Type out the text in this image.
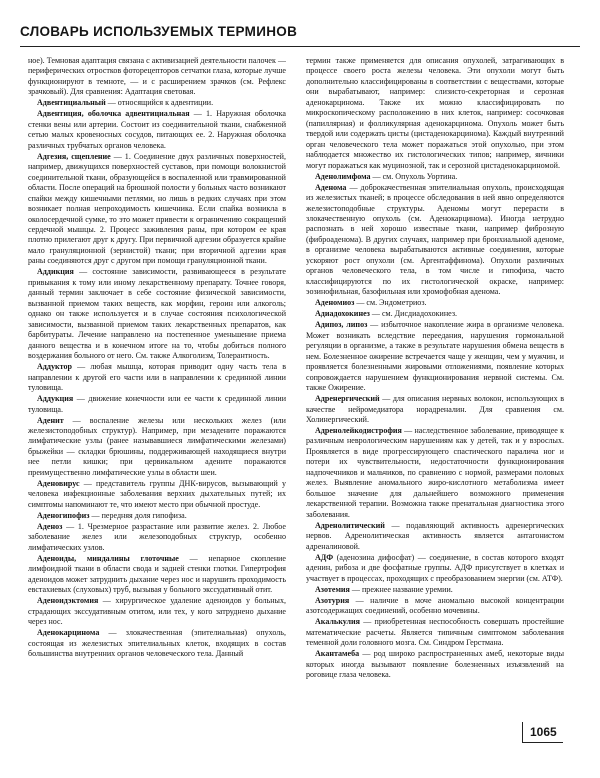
СЛОВАРЬ ИСПОЛЬЗУЕМЫХ ТЕРМИНОВ

ное). Темновая адаптация связана с активизацией деятельности палочек — периферических отростков фоторецепторов сетчатки глаза, которые лучше функционируют в темноте, — и с расширением зрачков (см. Рефлекс зрачковый). Для сравнения: Адаптация световая.

Адвентициальный — относящийся к адвентиции.

Адвентиция, оболочка адвентициальная — 1. Наружная оболочка стенки вены или артерии. Состоит из соединительной ткани, снабженной сетью малых кровеносных сосудов, питающих ее. 2. Наружная оболочка различных трубчатых органов человека.

Адгезия, сщепление — 1. Соединение двух различных поверхностей, например, движущихся поверхностей суставов, при помощи волокнистой соединительной ткани, образующейся в воспаленной или травмированной области. После операций на брюшной полости у больных часто возникают спайки между кишечными петлями, но лишь в редких случаях при этом возникает полная непроходимость кишечника. Если спайка возникла в околосердечной сумке, то это может привести к ограничению сокращений сердечной мышцы. 2. Процесс заживления раны, при котором ее края плотно прилегают друг к другу. При первичной адгезии образуется крайне мало грануляционной (зернистой) ткани; при вторичной адгезии края раны соединяются друг с другом при помощи грануляционной ткани.

Аддикция — состояние зависимости, развивающееся в результате привыкания к тому или иному лекарственному препарату. Точнее говоря, данный термин заключает в себе состояние физической зависимости, вызванной приемом таких веществ, как морфин, героин или алкоголь; однако он также используется и в случае состояния психологической зависимости, вызванной приемом таких лекарственных препаратов, как барбитураты. Лечение направлено на постепенное уменьшение приема данного вещества и в конечном итоге на то, чтобы добиться полного воздержания больного от него. См. также Алкоголизм, Толерантность.

Аддуктор — любая мышца, которая приводит одну часть тела в направлении к другой его части или в направлении к срединной линии туловища.

Аддукция — движение конечности или ее части к срединной линии туловища.

Аденит — воспаление железы или нескольких желез (или железистоподобных структур). Например, при мезадените поражаются лимфатические узлы (ранее называвшиеся лимфатическими железами) брыжейки — складки брюшины, поддерживающей находящиеся внутри нее петли кишки; при цервикальном адените поражаются преимущественно лимфатические узлы в области шеи.

Аденовирус — представитель группы ДНК-вирусов, вызывающий у человека инфекционные заболевания верхних дыхательных путей; их симптомы напоминают те, что имеют место при обычной простуде.

Аденогипофиз — передняя доля гипофиза.

Аденоз — 1. Чрезмерное разрастание или развитие желез. 2. Любое заболевание желез или железоподобных структур, особенно лимфатических узлов.

Аденоиды, миндалины глоточные — непарное скопление лимфоидной ткани в области свода и задней стенки глотки. Гипертрофия аденоидов может затруднить дыхание через нос и нарушить проходимость евстахиевых (слуховых) труб, вызывая у больного экссудативный отит.

Аденоидэктомия — хирургическое удаление аденоидов у больных, страдающих экссудативным отитом, или тех, у кого затруднено дыхание через нос.

Аденокарцинома — злокачественная (эпителиальная) опухоль, состоящая из железистых эпителиальных клеток, входящих в состав большинства внутренних органов человеческого тела. Данный

термин также применяется для описания опухолей, затрагивающих в процессе своего роста железы человека. Эти опухоли могут быть дополнительно классифицированы в соответствии с веществами, которые они вырабатывают, например: слизисто-секреторная и серозная аденокарцинома. Также их можно классифицировать по микроскопическому расположению в них клеток, например: сосочковая (папиллярная) и фолликулярная аденокарцинома. Опухоль может быть твердой или содержать цисты (цистаденокарцинома). Каждый внутренний орган человеческого тела может поражаться этой опухолью, при этом наблюдается множество их гистологических типов; например, яичники могут поражаться как муцинозной, так и серозной цистаденокарциномой.

Аденолимфома — см. Опухоль Уортина.

Аденома — доброкачественная эпителиальная опухоль, происходящая из железистых тканей; в процессе обследования в ней явно определяются железистоподобные структуры. Аденомы могут перерасти в злокачественную опухоль (см. Аденокарцинома). Иногда нетрудно распознать в ней хорошо известные ткани, например фиброзную (фиброаденома). В других случаях, например при бронхиальной аденоме, в организме человека вырабатываются активные соединения, которые ускоряют рост опухоли (см. Аргентаффинома). Опухоли различных органов человеческого тела, в том числе и гипофиза, часто классифицируются по их гистологической окраске, например: эозинофильная, базофильная или хромофобная аденома.

Аденомиоз — см. Эндометриоз.

Адиадохокинез — см. Дисдиадохокинез.

Адипоз, липоз — избыточное накопление жира в организме человека. Может возникать вследствие переедания, нарушения гормональной регуляции в организме, а также в результате нарушения обмена веществ в нем. Болезненное ожирение встречается чаще у женщин, чем у мужчин, и проявляется болезненными жировыми отложениями, появление которых сопровождается нарушением функционирования нервной системы. См. также Ожирение.

Адренергический — для описания нервных волокон, использующих в качестве нейромедиатора норадреналин. Для сравнения см. Холинергический.

Адренолейкодистрофия — наследственное заболевание, приводящее к различным неврологическим нарушениям как у детей, так и у взрослых. Проявляется в виде прогрессирующего спастического паралича ног и потери их чувствительности, недостаточности функционирования надпочечников и мальчиков, по сравнению с нормой, размерами половых желез. Выявление аномального жиро-кислотного метаболизма имеет большое значение для дальнейшего возможного применения лекарственной терапии. Возможна также пренатальная диагностика этого заболевания.

Адренолитический — подавляющий активность адренергических нервов. Адренолитическая активность является антагонистом адреналиновой.

АДФ (аденозина дифосфат) — соединение, в состав которого входят аденин, рибоза и две фосфатные группы. АДФ присутствует в клетках и участвует в процессах, проходящих с преобразованием энергии (см. АТФ).

Азотемия — прежнее название уремии.

Азотурия — наличие в моче аномально высокой концентрации азотсодержащих соединений, особенно мочевины.

Акалькулия — приобретенная неспособность совершать простейшие математические расчеты. Является типичным симптомом заболевания теменной доли головного мозга. См. Синдром Герстмана.

Акантамеба — род широко распространенных амеб, некоторые виды которых иногда вызывают появление болезненных изъязвлений на роговице глаза человека.

1065
